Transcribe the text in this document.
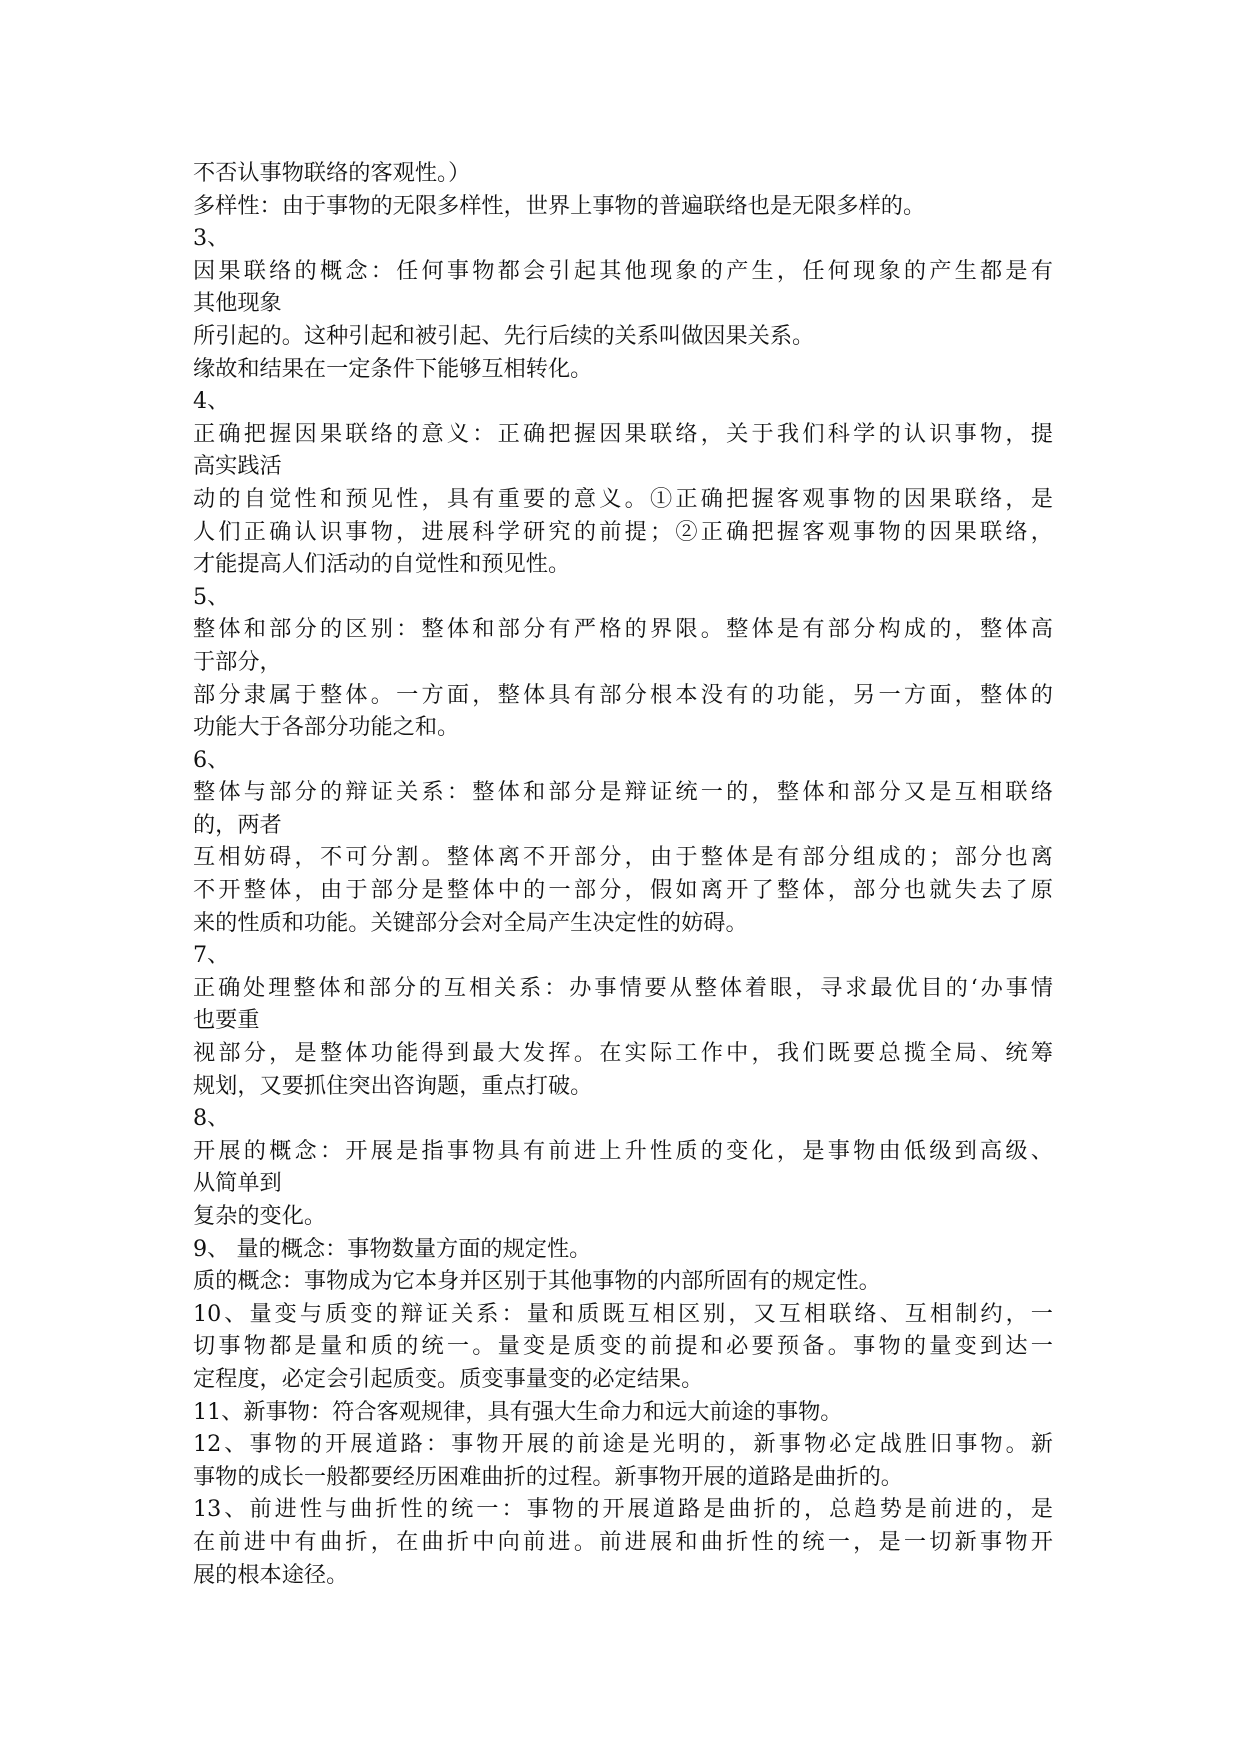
不否认事物联络的客观性。）
多样性：由于事物的无限多样性，世界上事物的普遍联络也是无限多样的。
3、
因果联络的概念：任何事物都会引起其他现象的产生，任何现象的产生都是有
其他现象
所引起的。这种引起和被引起、先行后续的关系叫做因果关系。
缘故和结果在一定条件下能够互相转化。
4、
正确把握因果联络的意义：正确把握因果联络，关于我们科学的认识事物，提
高实践活
动的自觉性和预见性，具有重要的意义。①正确把握客观事物的因果联络，是
人们正确认识事物，进展科学研究的前提；②正确把握客观事物的因果联络，
才能提高人们活动的自觉性和预见性。
5、
整体和部分的区别：整体和部分有严格的界限。整体是有部分构成的，整体高
于部分，
部分隶属于整体。一方面，整体具有部分根本没有的功能，另一方面，整体的
功能大于各部分功能之和。
6、
整体与部分的辩证关系：整体和部分是辩证统一的，整体和部分又是互相联络
的，两者
互相妨碍，不可分割。整体离不开部分，由于整体是有部分组成的；部分也离
不开整体，由于部分是整体中的一部分，假如离开了整体，部分也就失去了原
来的性质和功能。关键部分会对全局产生决定性的妨碍。
7、
正确处理整体和部分的互相关系：办事情要从整体着眼，寻求最优目的‘办事情
也要重
视部分，是整体功能得到最大发挥。在实际工作中，我们既要总揽全局、统筹
规划，又要抓住突出咨询题，重点打破。
8、
开展的概念：开展是指事物具有前进上升性质的变化，是事物由低级到高级、
从简单到
复杂的变化。
9、 量的概念：事物数量方面的规定性。
质的概念：事物成为它本身并区别于其他事物的内部所固有的规定性。
10、量变与质变的辩证关系：量和质既互相区别，又互相联络、互相制约，一
切事物都是量和质的统一。量变是质变的前提和必要预备。事物的量变到达一
定程度，必定会引起质变。质变事量变的必定结果。
11、新事物：符合客观规律，具有强大生命力和远大前途的事物。
12、事物的开展道路：事物开展的前途是光明的，新事物必定战胜旧事物。新
事物的成长一般都要经历困难曲折的过程。新事物开展的道路是曲折的。
13、前进性与曲折性的统一：事物的开展道路是曲折的，总趋势是前进的，是
在前进中有曲折，在曲折中向前进。前进展和曲折性的统一，是一切新事物开
展的根本途径。
